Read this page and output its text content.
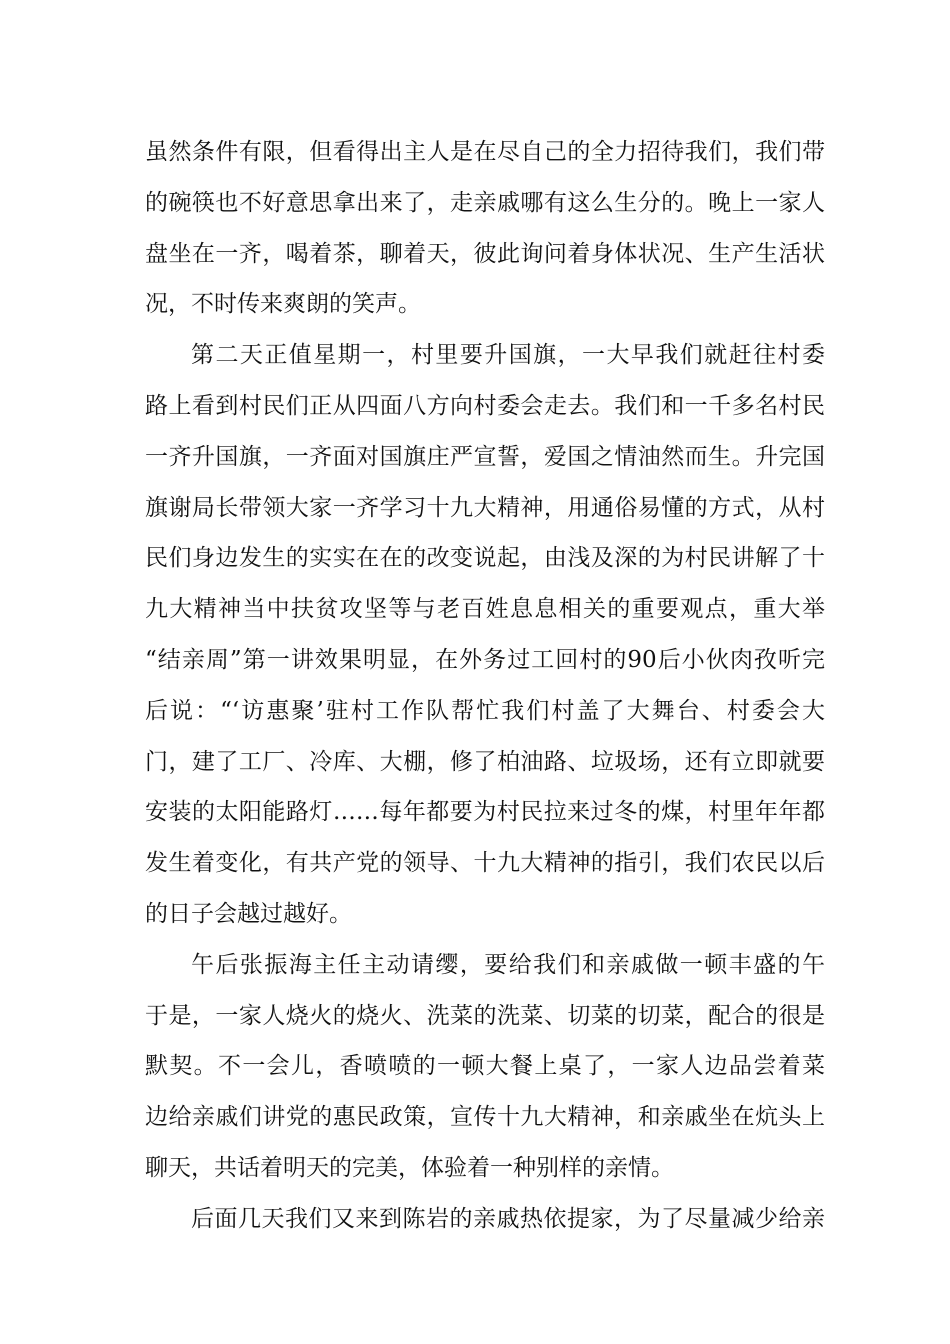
虽然条件有限，但看得出主人是在尽自己的全力招待我们，我们带
的碗筷也不好意思拿出来了，走亲戚哪有这么生分的。晚上一家人
盘坐在一齐，喝着茶，聊着天，彼此询问着身体状况、生产生活状
况，不时传来爽朗的笑声。
第二天正值星期一，村里要升国旗，一大早我们就赶往村委
路上看到村民们正从四面八方向村委会走去。我们和一千多名村民
一齐升国旗，一齐面对国旗庄严宣誓，爱国之情油然而生。升完国
旗谢局长带领大家一齐学习十九大精神，用通俗易懂的方式，从村
民们身边发生的实实在在的改变说起，由浅及深的为村民讲解了十
九大精神当中扶贫攻坚等与老百姓息息相关的重要观点，重大举
“结亲周”第一讲效果明显，在外务过工回村的90后小伙肉孜听完
后说：“‘访惠聚’驻村工作队帮忙我们村盖了大舞台、村委会大
门，建了工厂、冷库、大棚，修了柏油路、垃圾场，还有立即就要
安装的太阳能路灯……每年都要为村民拉来过冬的煤，村里年年都
发生着变化，有共产党的领导、十九大精神的指引，我们农民以后
的日子会越过越好。
午后张振海主任主动请缨，要给我们和亲戚做一顿丰盛的午
于是，一家人烧火的烧火、洗菜的洗菜、切菜的切菜，配合的很是
默契。不一会儿，香喷喷的一顿大餐上桌了，一家人边品尝着菜
边给亲戚们讲党的惠民政策，宣传十九大精神，和亲戚坐在炕头上
聊天，共话着明天的完美，体验着一种别样的亲情。
后面几天我们又来到陈岩的亲戚热依提家，为了尽量减少给亲
